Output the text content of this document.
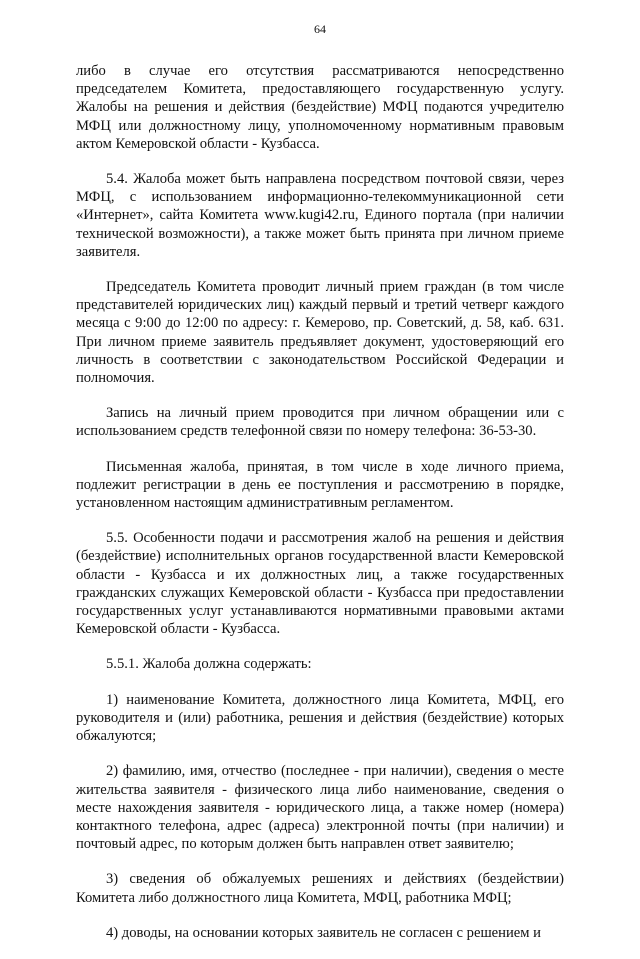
64

либо в случае его отсутствия рассматриваются непосредственно председателем Комитета, предоставляющего государственную услугу. Жалобы на решения и действия (бездействие) МФЦ подаются учредителю МФЦ или должностному лицу, уполномоченному нормативным правовым актом Кемеровской области - Кузбасса.

5.4. Жалоба может быть направлена посредством почтовой связи, через МФЦ, с использованием информационно-телекоммуникационной сети «Интернет», сайта Комитета www.kugi42.ru, Единого портала (при наличии технической возможности), а также может быть принята при личном приеме заявителя.

Председатель Комитета проводит личный прием граждан (в том числе представителей юридических лиц) каждый первый и третий четверг каждого месяца с 9:00 до 12:00 по адресу: г. Кемерово, пр. Советский, д. 58, каб. 631. При личном приеме заявитель предъявляет документ, удостоверяющий его личность в соответствии с законодательством Российской Федерации и полномочия.

Запись на личный прием проводится при личном обращении или с использованием средств телефонной связи по номеру телефона: 36-53-30.

Письменная жалоба, принятая, в том числе в ходе личного приема, подлежит регистрации в день ее поступления и рассмотрению в порядке, установленном настоящим административным регламентом.

5.5. Особенности подачи и рассмотрения жалоб на решения и действия (бездействие) исполнительных органов государственной власти Кемеровской области - Кузбасса и их должностных лиц, а также государственных гражданских служащих Кемеровской области - Кузбасса при предоставлении государственных услуг устанавливаются нормативными правовыми актами Кемеровской области - Кузбасса.

5.5.1. Жалоба должна содержать:

1) наименование Комитета, должностного лица Комитета, МФЦ, его руководителя и (или) работника, решения и действия (бездействие) которых обжалуются;

2) фамилию, имя, отчество (последнее - при наличии), сведения о месте жительства заявителя - физического лица либо наименование, сведения о месте нахождения заявителя - юридического лица, а также номер (номера) контактного телефона, адрес (адреса) электронной почты (при наличии) и почтовый адрес, по которым должен быть направлен ответ заявителю;

3) сведения об обжалуемых решениях и действиях (бездействии) Комитета либо должностного лица Комитета, МФЦ, работника МФЦ;

4) доводы, на основании которых заявитель не согласен с решением и
